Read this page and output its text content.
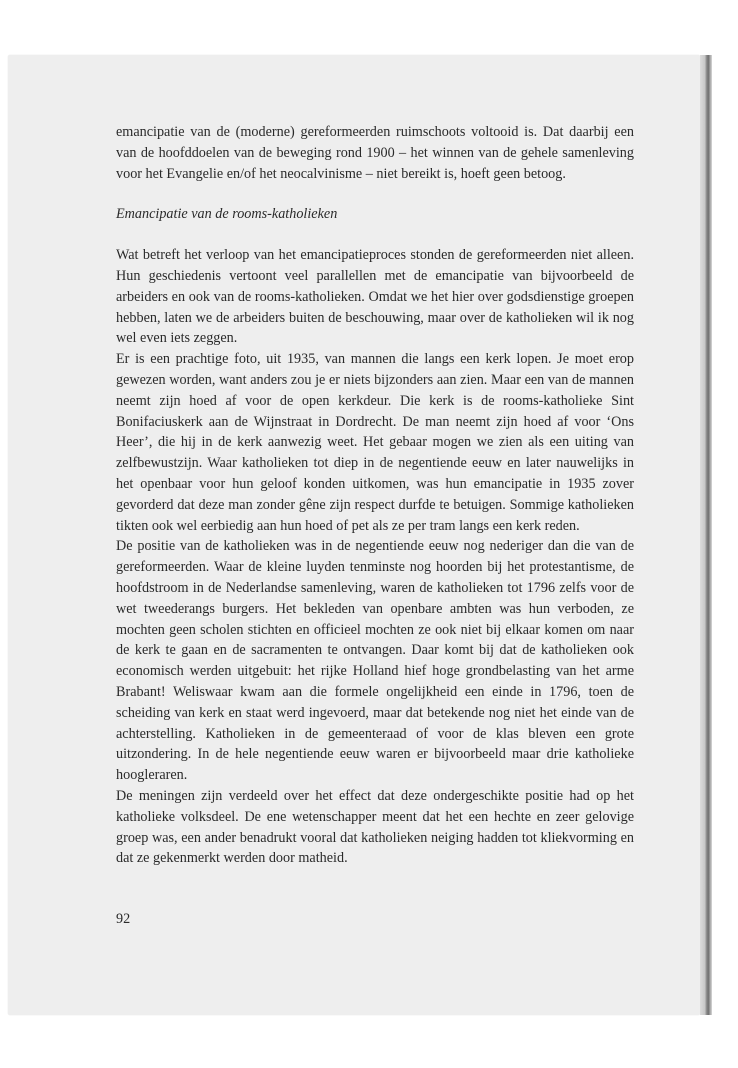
emancipatie van de (moderne) gereformeerden ruimschoots voltooid is. Dat daarbij een van de hoofddoelen van de beweging rond 1900 – het winnen van de gehele samenleving voor het Evangelie en/of het neocalvinisme – niet bereikt is, hoeft geen betoog.

Emancipatie van de rooms-katholieken

Wat betreft het verloop van het emancipatieproces stonden de gereformeerden niet alleen. Hun geschiedenis vertoont veel parallellen met de emancipatie van bijvoorbeeld de arbeiders en ook van de rooms-katholieken. Omdat we het hier over godsdienstige groepen hebben, laten we de arbeiders buiten de beschouwing, maar over de katholieken wil ik nog wel even iets zeggen.

Er is een prachtige foto, uit 1935, van mannen die langs een kerk lopen. Je moet erop gewezen worden, want anders zou je er niets bijzonders aan zien. Maar een van de mannen neemt zijn hoed af voor de open kerkdeur. Die kerk is de rooms-katholieke Sint Bonifaciuskerk aan de Wijnstraat in Dordrecht. De man neemt zijn hoed af voor ‘Ons Heer’, die hij in de kerk aanwezig weet. Het gebaar mogen we zien als een uiting van zelfbewustzijn. Waar katholieken tot diep in de negentiende eeuw en later nauwelijks in het openbaar voor hun geloof konden uitkomen, was hun emancipatie in 1935 zover gevorderd dat deze man zonder gêne zijn respect durfde te betuigen. Sommige katholieken tikten ook wel eerbiedig aan hun hoed of pet als ze per tram langs een kerk reden.

De positie van de katholieken was in de negentiende eeuw nog nederiger dan die van de gereformeerden. Waar de kleine luyden tenminste nog hoorden bij het protestantisme, de hoofdstroom in de Nederlandse samenleving, waren de katholieken tot 1796 zelfs voor de wet tweederangs burgers. Het bekleden van openbare ambten was hun verboden, ze mochten geen scholen stichten en officieel mochten ze ook niet bij elkaar komen om naar de kerk te gaan en de sacramenten te ontvangen. Daar komt bij dat de katholieken ook economisch werden uitgebuit: het rijke Holland hief hoge grondbelasting van het arme Brabant! Weliswaar kwam aan die formele ongelijkheid een einde in 1796, toen de scheiding van kerk en staat werd ingevoerd, maar dat betekende nog niet het einde van de achterstelling. Katholieken in de gemeenteraad of voor de klas bleven een grote uitzondering. In de hele negentiende eeuw waren er bijvoorbeeld maar drie katholieke hoogleraren.

De meningen zijn verdeeld over het effect dat deze ondergeschikte positie had op het katholieke volksdeel. De ene wetenschapper meent dat het een hechte en zeer gelovige groep was, een ander benadrukt vooral dat katholieken neiging hadden tot kliekvorming en dat ze gekenmerkt werden door matheid.

92
